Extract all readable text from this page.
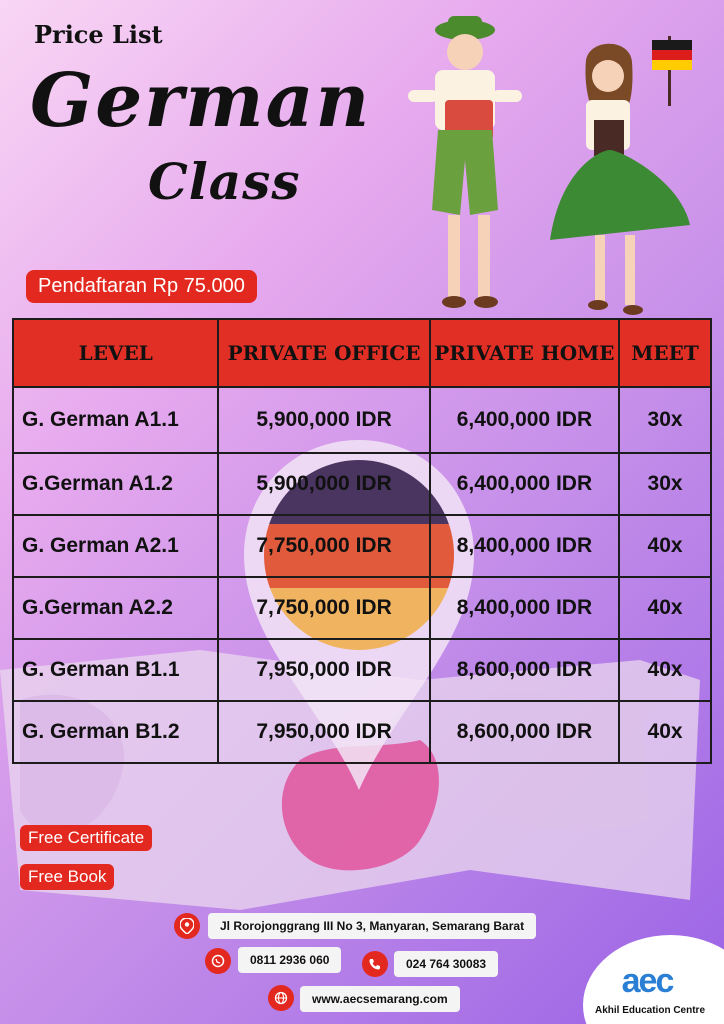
Price List
German
Class
Pendaftaran Rp 75.000
LEVEL	PRIVATE OFFICE	PRIVATE HOME	MEET
G. German A1.1	5,900,000 IDR	6,400,000 IDR	30x
G.German A1.2	5,900,000 IDR	6,400,000 IDR	30x
G. German A2.1	7,750,000 IDR	8,400,000 IDR	40x
G.German A2.2	7,750,000 IDR	8,400,000 IDR	40x
G. German B1.1	7,950,000 IDR	8,600,000 IDR	40x
G. German B1.2	7,950,000 IDR	8,600,000 IDR	40x
Free Certificate
Free Book
Jl Rorojonggrang III No 3, Manyaran, Semarang Barat
0811 2936 060	024 764 30083
www.aecsemarang.com	aec
Akhil Education Centre
